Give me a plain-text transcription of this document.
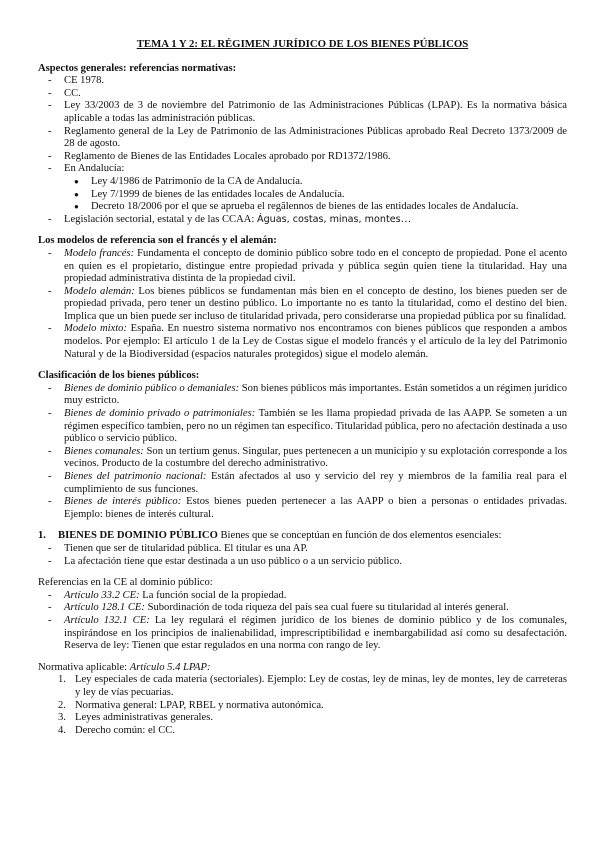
TEMA 1 Y 2: EL RÉGIMEN JURÍDICO DE LOS BIENES PÚBLICOS

Aspectos generales: referencias normativas:

- CE 1978.
- CC.
- Ley 33/2003 de 3 de noviembre del Patrimonio de las Administraciones Públicas (LPAP). Es la normativa básica aplicable a todas las administración públicas.
- Reglamento general de la Ley de Patrimonio de las Administraciones Públicas aprobado Real Decreto 1373/2009 de 28 de agosto.
- Reglamento de Bienes de las Entidades Locales aprobado por RD1372/1986.
- En Andalucía:
● Ley 4/1986 de Patrimonio de la CA de Andalucía.
● Ley 7/1999 de bienes de las entidades locales de Andalucía.
● Decreto 18/2006 por el que se aprueba el regãlennos de bienes de las entidades locales de Andalucía.
- Legislación sectorial, estatal y de las CCAA: Águas, costas, minas, montes…

Los modelos de referencia son el francés y el alemán:

- Modelo francés: Fundamenta el concepto de dominio público sobre todo en el concepto de propiedad. Pone el acento en quien es el propietario, distingue entre propiedad privada y pública según quien tiene la titularidad. Hay una propiedad administrativa distinta de la propiedad civil.
- Modelo alemán: Los bienes públicos se fundamentan más bien en el concepto de destino, los bienes pueden ser de propiedad privada, pero tener un destino público. Lo importante no es tanto la titularidad, como el destino del bien. Implica que un bien puede ser incluso de titularidad privada, pero considerarse una propiedad pública por su finalidad.
- Modelo mixto: España. En nuestro sistema normativo nos encontramos con bienes públicos que responden a ambos modelos. Por ejemplo: El artículo 1 de la Ley de Costas sigue el modelo francés y el artículo de la ley del Patrimonio Natural y de la Biodiversidad (espacios naturales protegidos) sigue el modelo alemán.

Clasificación de los bienes públicos:

- Bienes de dominio público o demaniales: Son bienes públicos más importantes. Están sometidos a un régimen jurídico muy estricto.
- Bienes de dominio privado o patrimoniales: También se les llama propiedad privada de las AAPP. Se someten a un régimen específico tambien, pero no un régimen tan específico. Titularidad pública, pero no afectación destinada a uso público o servicio público.
- Bienes comunales: Son un tertium genus. Singular, pues pertenecen a un municipio y su explotación corresponde a los vecinos. Producto de la costumbre del derecho administrativo.
- Bienes del patrimonio nacional: Están afectados al uso y servicio del rey y miembros de la familia real para el cumplimiento de sus funciones.
- Bienes de interés público: Estos bienes pueden pertenecer a las AAPP o bien a personas o entidades privadas. Ejemplo: bienes de interés cultural.

1. BIENES DE DOMINIO PÚBLICO Bienes que se conceptúan en función de dos elementos esenciales:

- Tienen que ser de titularidad pública. El titular es una AP.
- La afectación tiene que estar destinada a un uso público o a un servicio público.

Referencias en la CE al dominio público:

- Artículo 33.2 CE: La función social de la propiedad.
- Artículo 128.1 CE: Subordinación de toda riqueza del país sea cual fuere su titularidad al interés general.
- Artículo 132.1 CE: La ley regulará el régimen jurídico de los bienes de dominio público y de los comunales, inspirándose en los principios de inalienabilidad, imprescriptibilidad e inembargabilidad así como su desafectación. Reserva de ley: Tienen que estar regulados en una norma con rango de ley.

Normativa aplicable: Artículo 5.4 LPAP:

1. Ley especiales de cada materia (sectoriales). Ejemplo: Ley de costas, ley de minas, ley de montes, ley de carreteras y ley de vías pecuarias.
2. Normativa general: LPAP, RBEL y normativa autonómica.
3. Leyes administrativas generales.
4. Derecho común: el CC.
